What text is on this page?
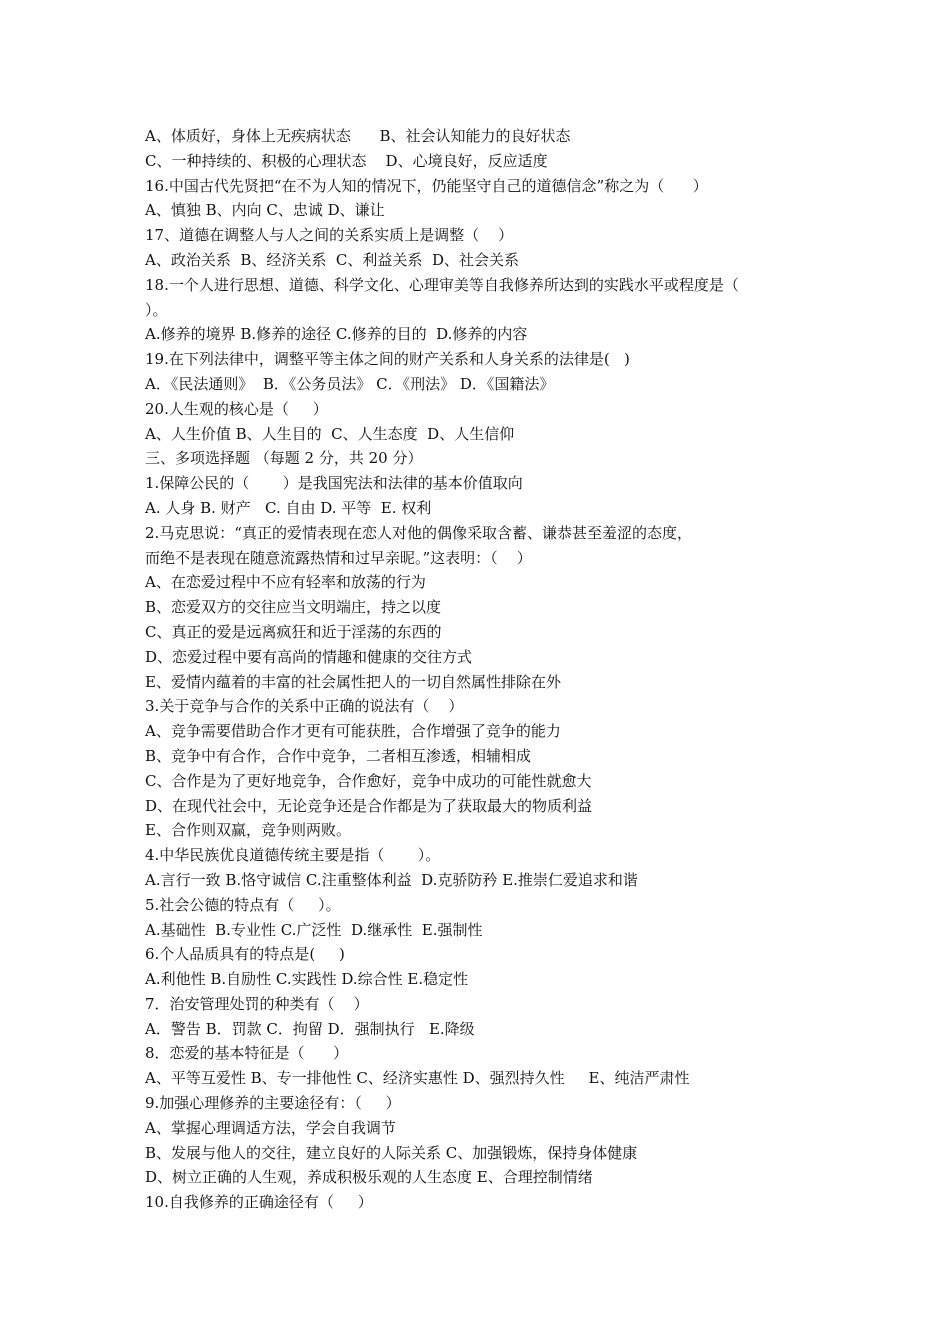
A、体质好，身体上无疾病状态      B、社会认知能力的良好状态
C、一种持续的、积极的心理状态    D、心境良好，反应适度
16.中国古代先贤把“在不为人知的情况下，仍能坚守自己的道德信念”称之为（      ）
A、慎独 B、内向 C、忠诚 D、谦让
17、道德在调整人与人之间的关系实质上是调整（    ）
A、政治关系  B、经济关系  C、利益关系  D、社会关系
18.一个人进行思想、道德、科学文化、心理审美等自我修养所达到的实践水平或程度是（
）。
A.修养的境界 B.修养的途径 C.修养的目的  D.修养的内容
19.在下列法律中，调整平等主体之间的财产关系和人身关系的法律是(   )
A．《民法通则》  B．《公务员法》 C．《刑法》 D．《国籍法》
20.人生观的核心是（     ）
A、人生价值 B、人生目的  C、人生态度  D、人生信仰
三、多项选择题 （每题 2 分，共 20 分）
1.保障公民的（       ）是我国宪法和法律的基本价值取向
A. 人身 B. 财产   C. 自由 D. 平等  E. 权利
2.马克思说：“真正的爱情表现在恋人对他的偶像采取含蓄、谦恭甚至羞涩的态度，
而绝不是表现在随意流露热情和过早亲昵。”这表明：（    ）
A、在恋爱过程中不应有轻率和放荡的行为
B、恋爱双方的交往应当文明端庄，持之以度
C、真正的爱是远离疯狂和近于淫荡的东西的
D、恋爱过程中要有高尚的情趣和健康的交往方式
E、爱情内蕴着的丰富的社会属性把人的一切自然属性排除在外
3.关于竞争与合作的关系中正确的说法有（    ）
A、竞争需要借助合作才更有可能获胜，合作增强了竞争的能力
B、竞争中有合作，合作中竞争，二者相互渗透，相辅相成
C、合作是为了更好地竞争，合作愈好，竞争中成功的可能性就愈大
D、在现代社会中，无论竞争还是合作都是为了获取最大的物质利益
E、合作则双赢，竞争则两败。
4.中华民族优良道德传统主要是指（       ）。
A.言行一致 B.恪守诚信 C.注重整体利益  D.克骄防矜 E.推崇仁爱追求和谐
5.社会公德的特点有（     ）。
A.基础性  B.专业性 C.广泛性  D.继承性  E.强制性
6.个人品质具有的特点是(     )
A.利他性 B.自励性 C.实践性 D.综合性 E.稳定性
7．治安管理处罚的种类有（    ）
A．警告 B．罚款 C．拘留 D．强制执行   E.降级
8．恋爱的基本特征是（      ）
A、平等互爱性 B、专一排他性 C、经济实惠性 D、强烈持久性     E、纯洁严肃性
9.加强心理修养的主要途径有：（     ）
A、掌握心理调适方法，学会自我调节
B、发展与他人的交往，建立良好的人际关系 C、加强锻炼，保持身体健康
D、树立正确的人生观，养成积极乐观的人生态度 E、合理控制情绪
10.自我修养的正确途径有（     ）
